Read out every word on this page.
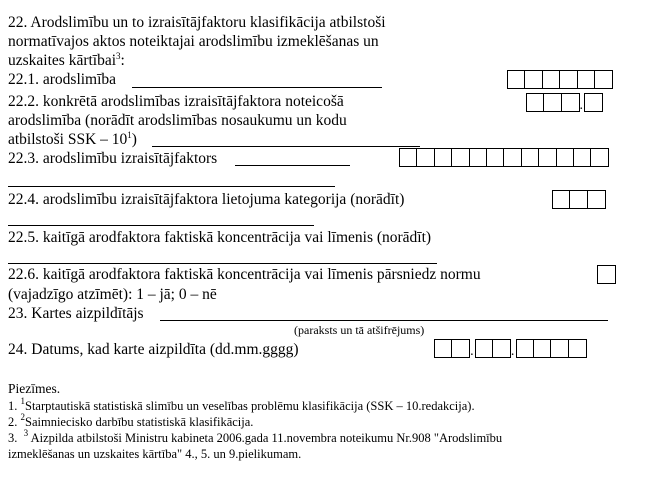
22. Arodslimību un to izraisītājfaktoru klasifikācija atbilstoši
normatīvajos aktos noteiktajai arodslimību izmeklēšanas un
uzskaites kārtībai$^3$:
22.1. arodslimība
22.2. konkrētā arodslimības izraisītājfaktora noteicošā
arodslimība (norādīt arodslimības nosaukumu un kodu
atbilstoši SSK – $10^1$)
.
22.3. arodslimību izraisītājfaktors
22.4. arodslimību izraisītājfaktora lietojuma kategorija (norādīt)
22.5. kaitīgā arodfaktora faktiskā koncentrācija vai līmenis (norādīt)
22.6. kaitīgā arodfaktora faktiskā koncentrācija vai līmenis pārsniedz normu
(vajadzīgo atzīmēt): 1 – jā; 0 – nē
23. Kartes aizpildītājs
(paraksts un tā atšifrējums)
24. Datums, kad karte aizpildīta (dd.mm.gggg)	.	.
Piezīmes.
1. $^1$Starptautiskā statistiskā slimību un veselības problēmu klasifikācija (SSK – 10.redakcija).
2. $^2$Saimniecisko darbību statistiskā klasifikācija.
3. $^3$ Aizpilda atbilstoši Ministru kabineta 2006.gada 11.novembra noteikumu Nr.908 "Arodslimību
izmeklēšanas un uzskaites kārtība" 4., 5. un 9.pielikumam.
